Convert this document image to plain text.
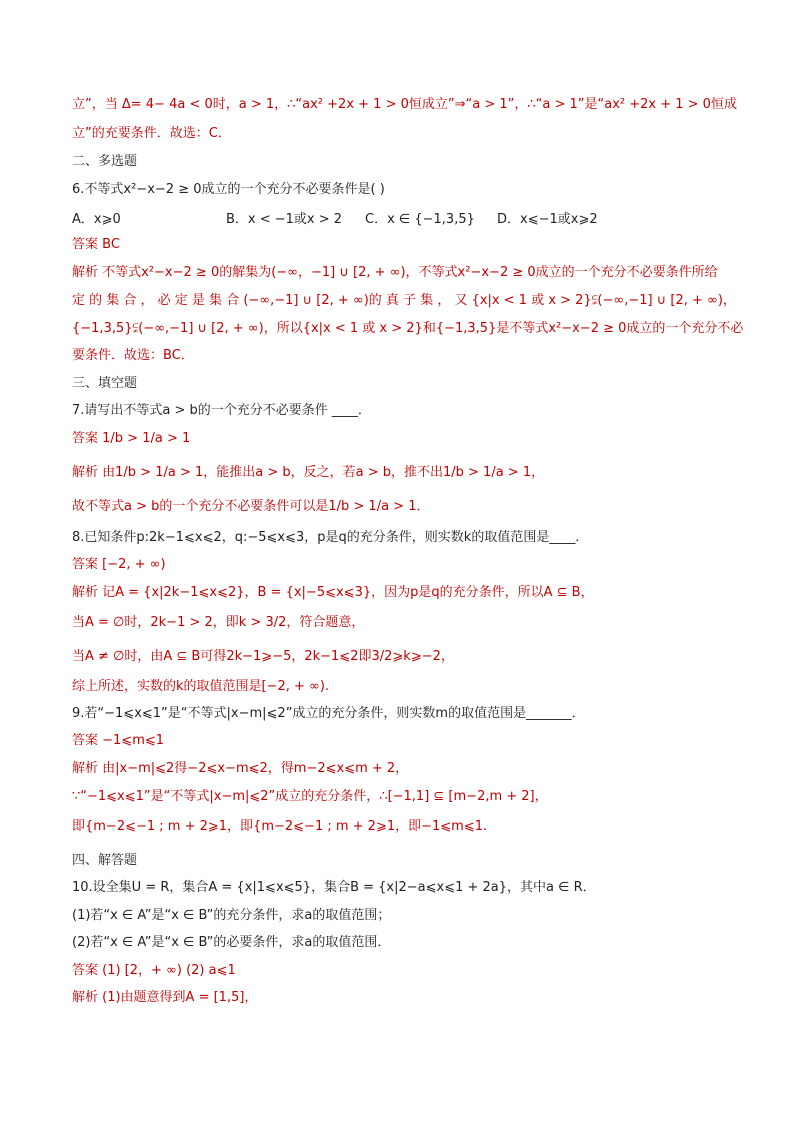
立”，当 Δ= 4− 4a < 0时，a > 1，∴“ax² +2x + 1 > 0恒成立”⇒“a > 1”，∴“a > 1”是“ax² +2x + 1 > 0恒成
立”的充要条件．故选：C．
二、多选题
6.不等式x²−x−2 ≥ 0成立的一个充分不必要条件是( )
A．x⩾0	B．x < −1或x > 2 C．x ∈ {−1,3,5} D．x⩽−1或x⩾2
答案 BC
解析 不等式x²−x−2 ≥ 0的解集为(−∞，−1] ∪ [2, + ∞)，不等式x²−x−2 ≥ 0成立的一个充分不必要条件所给
定 的 集 合 ， 必 定 是 集 合 (−∞,−1] ∪ [2, + ∞)的 真 子 集 ， 又 {x|x < 1 或 x > 2}⫋(−∞,−1] ∪ [2, + ∞)，
{−1,3,5}⫋(−∞,−1] ∪ [2, + ∞)，所以{x|x < 1 或 x > 2}和{−1,3,5}是不等式x²−x−2 ≥ 0成立的一个充分不必
要条件．故选：BC．
三、填空题
7.请写出不等式a > b的一个充分不必要条件 ____．
答案 1/b > 1/a > 1
解析 由1/b > 1/a > 1，能推出a > b，反之，若a > b，推不出1/b > 1/a > 1，
故不等式a > b的一个充分不必要条件可以是1/b > 1/a > 1．
8.已知条件p:2k−1⩽x⩽2，q:−5⩽x⩽3，p是q的充分条件，则实数k的取值范围是____．
答案 [−2, + ∞)
解析 记A = {x|2k−1⩽x⩽2}，B = {x|−5⩽x⩽3}，因为p是q的充分条件，所以A ⊆ B，
当A = ∅时，2k−1 > 2，即k > 3/2，符合题意，
当A ≠ ∅时，由A ⊆ B可得2k−1⩾−5，2k−1⩽2即3/2⩾k⩾−2，
综上所述，实数的k的取值范围是[−2, + ∞).
9.若“−1⩽x⩽1”是“不等式|x−m|⩽2”成立的充分条件，则实数m的取值范围是_______．
答案 −1⩽m⩽1
解析 由|x−m|⩽2得−2⩽x−m⩽2，得m−2⩽x⩽m + 2，
∵“−1⩽x⩽1”是“不等式|x−m|⩽2”成立的充分条件，∴[−1,1] ⊆ [m−2,m + 2]，
即{m−2⩽−1 ; m + 2⩾1，即{m−2⩽−1 ; m + 2⩾1，即−1⩽m⩽1.
四、解答题
10.设全集U = R，集合A = {x|1⩽x⩽5}，集合B = {x|2−a⩽x⩽1 + 2a}，其中a ∈ R．
(1)若“x ∈ A”是“x ∈ B”的充分条件，求a的取值范围；
(2)若“x ∈ A”是“x ∈ B”的必要条件，求a的取值范围．
答案 (1) [2，+ ∞) (2) a⩽1
解析 (1)由题意得到A = [1,5]，
